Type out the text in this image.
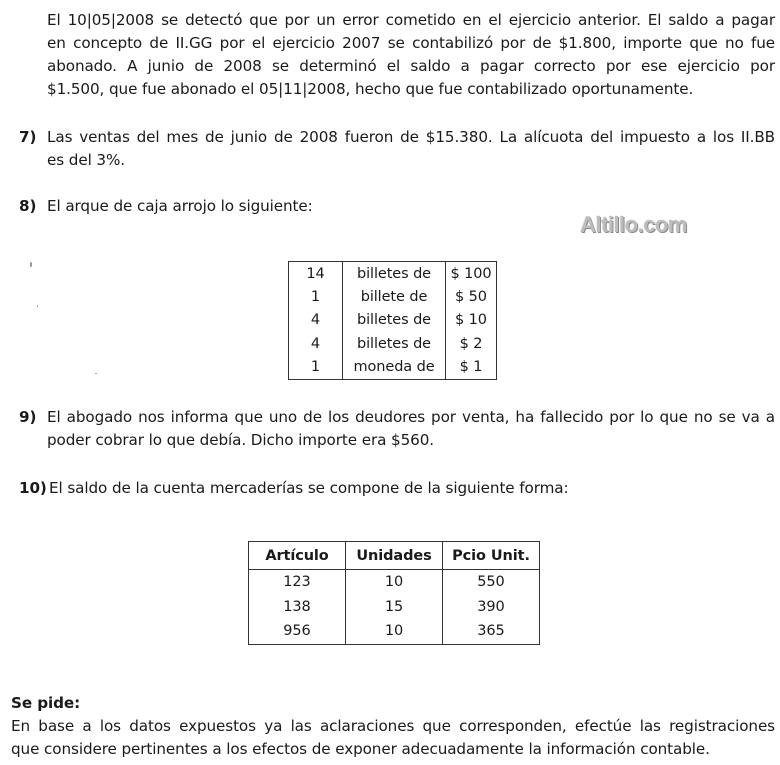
El 10|05|2008 se detectó que por un error cometido en el ejercicio anterior. El saldo a pagar
en concepto de II.GG por el ejercicio 2007 se contabilizó por de $1.800, importe que no fue
abonado. A junio de 2008 se determinó el saldo a pagar correcto por ese ejercicio por
$1.500, que fue abonado el 05|11|2008, hecho que fue contabilizado oportunamente.
7) Las ventas del mes de junio de 2008 fueron de $15.380. La alícuota del impuesto a los II.BB
es del 3%.
8) El arque de caja arrojo lo siguiente:
Altillo.com
14	billetes de	$ 100
1	billete de	$ 50
4	billetes de	$ 10
4	billetes de	$ 2
1	moneda de	$ 1
9) El abogado nos informa que uno de los deudores por venta, ha fallecido por lo que no se va a
poder cobrar lo que debía. Dicho importe era $560.
10) El saldo de la cuenta mercaderías se compone de la siguiente forma:
Artículo	Unidades	Pcio Unit.
123	10	550
138	15	390
956	10	365
Se pide:
En base a los datos expuestos ya las aclaraciones que corresponden, efectúe las registraciones
que considere pertinentes a los efectos de exponer adecuadamente la información contable.
